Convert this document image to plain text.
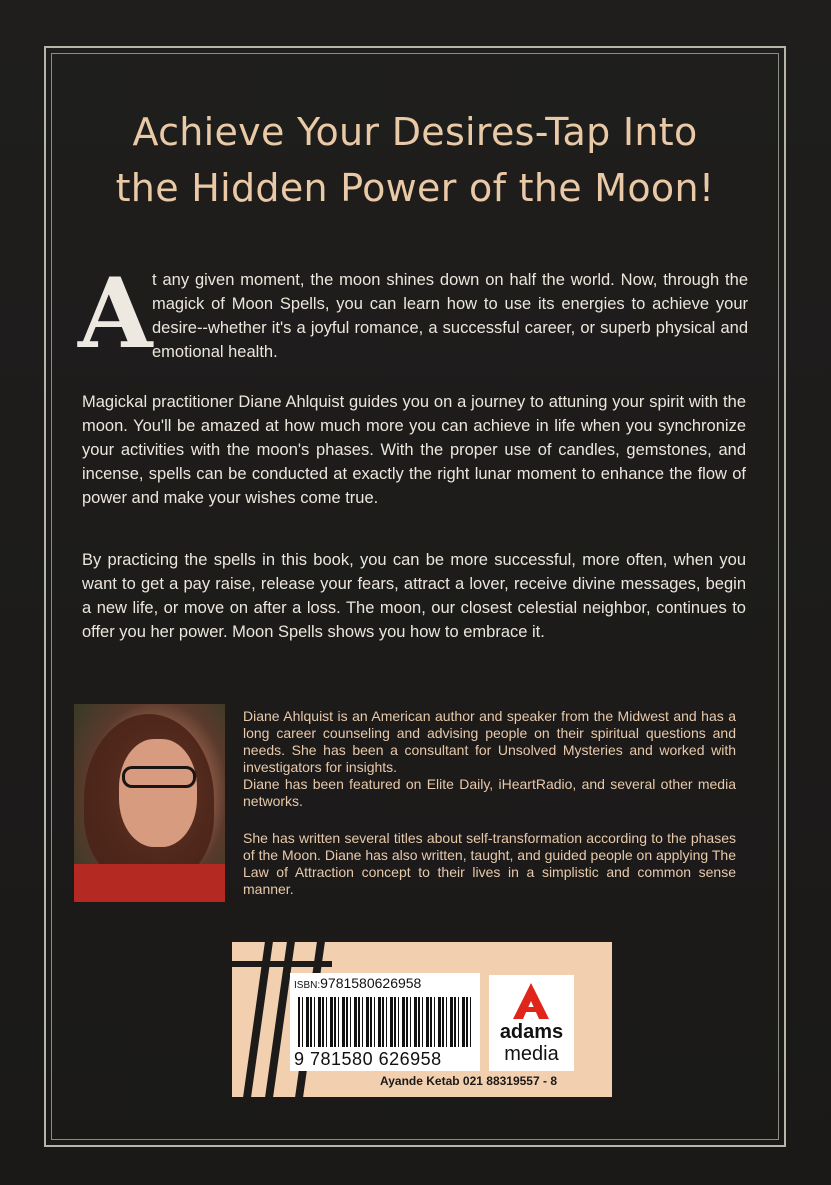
Achieve Your Desires-Tap Into
the Hidden Power of the Moon!
A t any given moment, the moon shines down on half the world. Now, through the magick of Moon Spells, you can learn how to use its energies to achieve your desire--whether it's a joyful romance, a successful career, or superb physical and emotional health.
Magickal practitioner Diane Ahlquist guides you on a journey to attuning your spirit with the moon. You'll be amazed at how much more you can achieve in life when you synchronize your activities with the moon's phases. With the proper use of candles, gemstones, and incense, spells can be conducted at exactly the right lunar moment to enhance the flow of power and make your wishes come true.
By practicing the spells in this book, you can be more successful, more often, when you want to get a pay raise, release your fears, attract a lover, receive divine messages, begin a new life, or move on after a loss. The moon, our closest celestial neighbor, continues to offer you her power. Moon Spells shows you how to embrace it.
Diane Ahlquist is an American author and speaker from the Midwest and has a long career counseling and advising people on their spiritual questions and needs. She has been a consultant for Unsolved Mysteries and worked with investigators for insights.
Diane has been featured on Elite Daily, iHeartRadio, and several other media networks.
She has written several titles about self-transformation according to the phases of the Moon. Diane has also written, taught, and guided people on applying The Law of Attraction concept to their lives in a simplistic and common sense manner.
ISBN:9781580626958
9 781580 626958
adams
media
Ayande Ketab 021 88319557 - 8
